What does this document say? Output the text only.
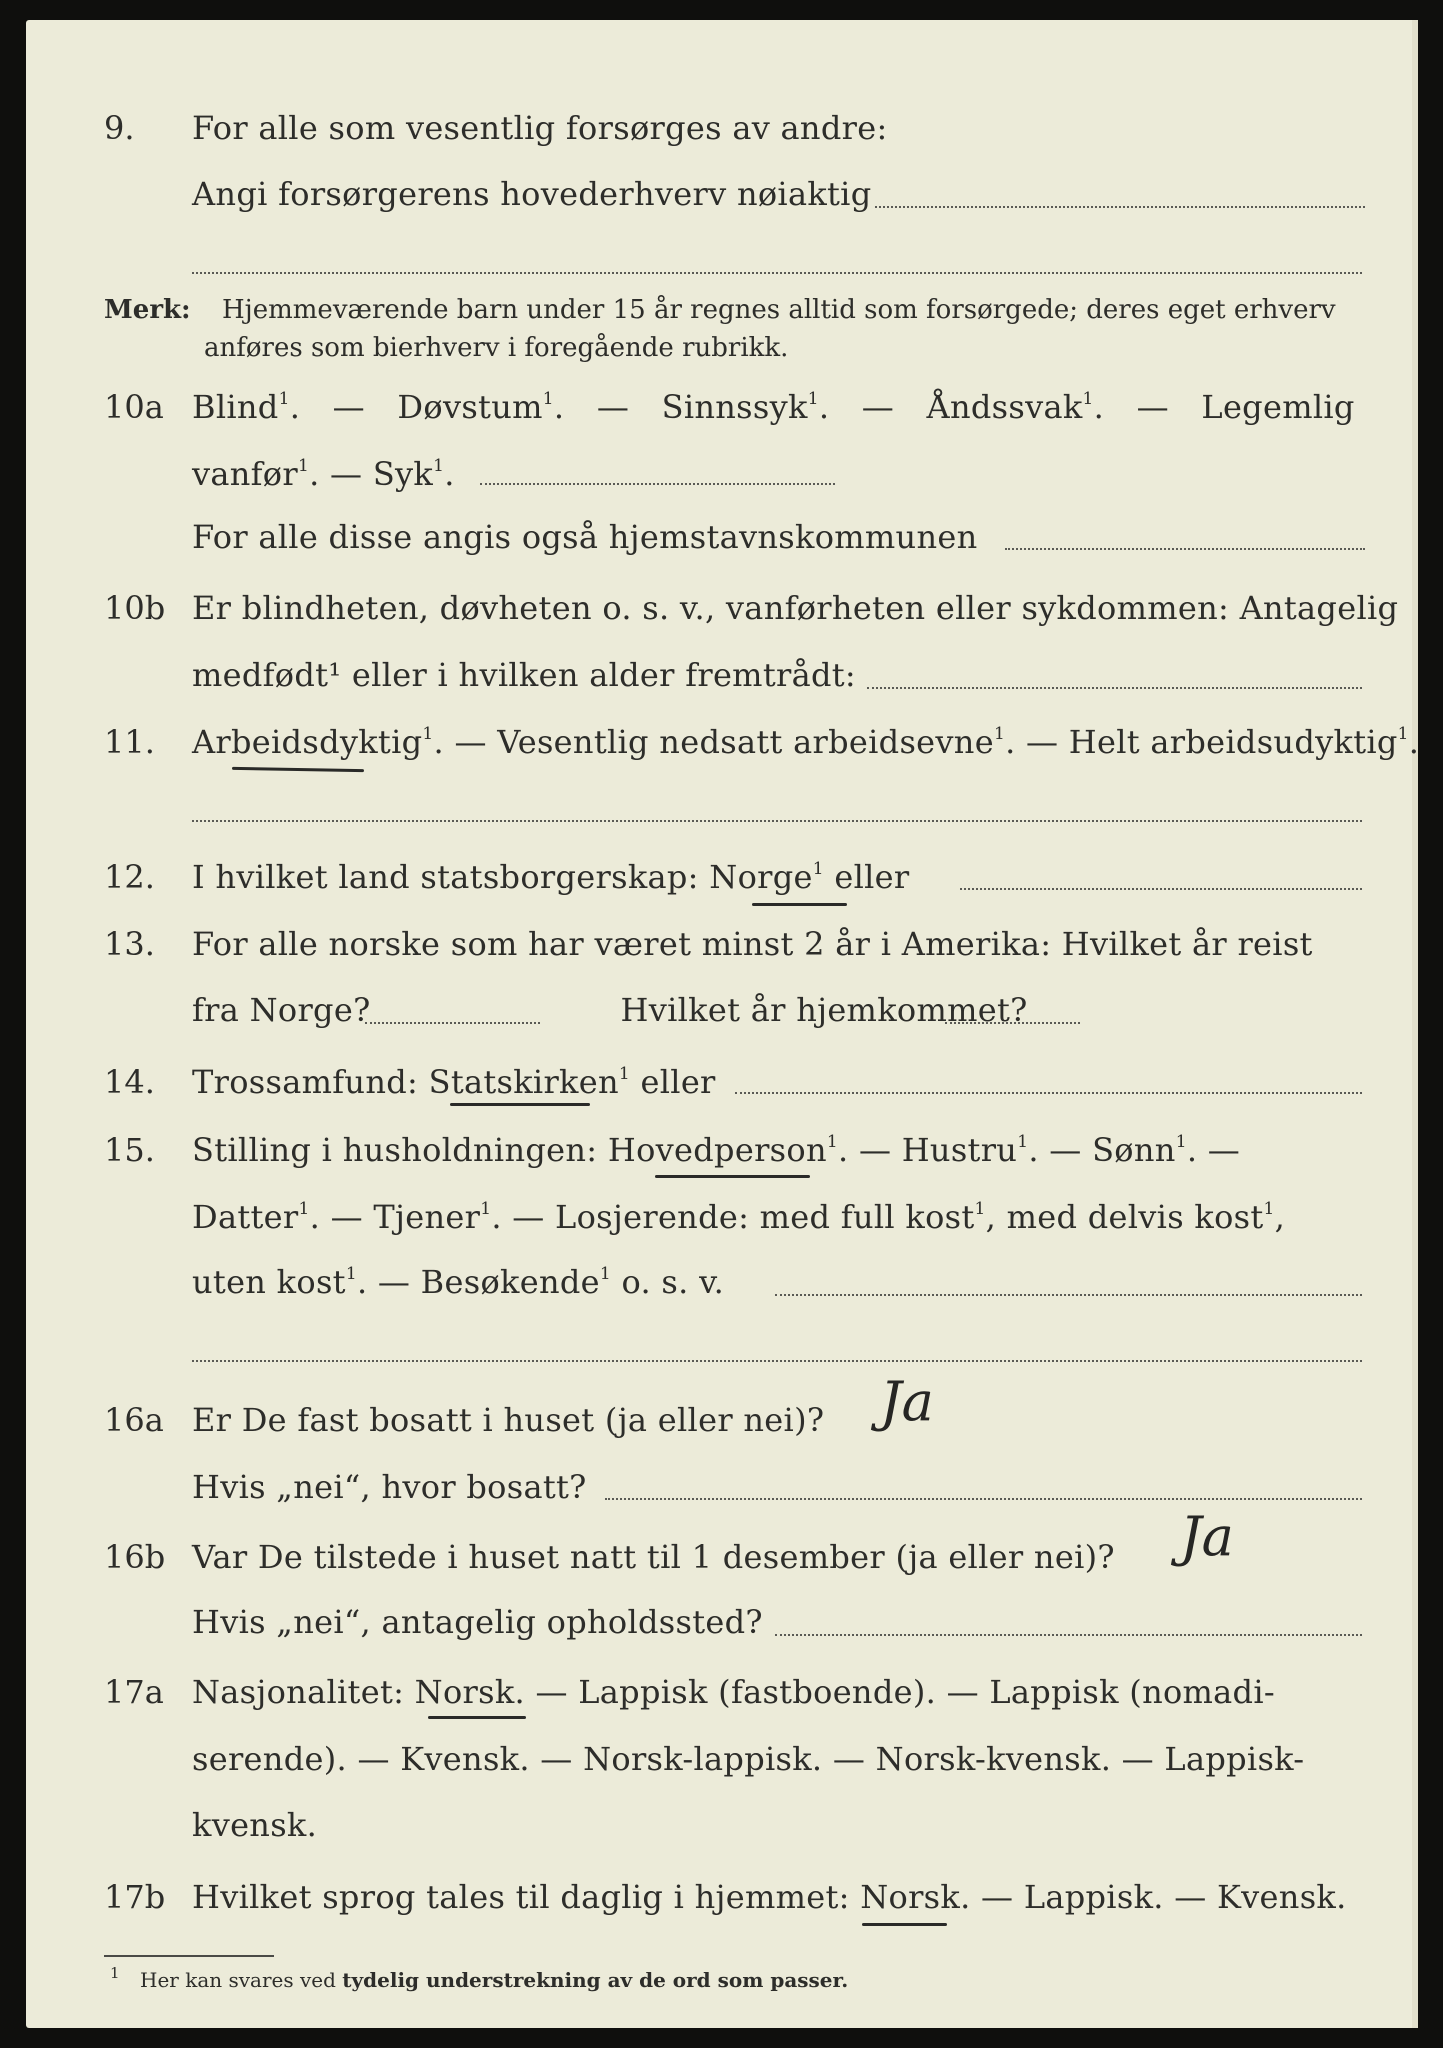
9. For alle som vesentlig forsørges av andre:
Angi forsørgerens hovederhverv nøiaktig
Merk: Hjemmeværende barn under 15 år regnes alltid som forsørgede; deres eget erhverv
anføres som bierhverv i foregående rubrikk.
10a Blind$^1$. — Døvstum$^1$. — Sinnssyk$^1$. — Åndssvak$^1$. — Legemlig
vanfør$^1$. — Syk$^1$.
For alle disse angis også hjemstavnskommunen
10b Er blindheten, døvheten o. s. v., vanførheten eller sykdommen: Antagelig
medfødt¹ eller i hvilken alder fremtrådt:
11. Arbeidsdyktig$^1$. — Vesentlig nedsatt arbeidsevne$^1$. — Helt arbeidsudyktig$^1$.
12. I hvilket land statsborgerskap: Norge$^1$ eller
13. For alle norske som har været minst 2 år i Amerika: Hvilket år reist
fra Norge?	Hvilket år hjemkommet?
14. Trossamfund: Statskirken$^1$ eller
15. Stilling i husholdningen: Hovedperson$^1$. — Hustru$^1$. — Sønn$^1$. —
Datter$^1$. — Tjener$^1$. — Losjerende: med full kost$^1$, med delvis kost$^1$,
uten kost$^1$. — Besøkende$^1$ o. s. v.
16a Er De fast bosatt i huset (ja eller nei)? Ja
Hvis „nei“, hvor bosatt?
16b Var De tilstede i huset natt til 1 desember (ja eller nei)? Ja
Hvis „nei“, antagelig opholdssted?
17a Nasjonalitet: Norsk. — Lappisk (fastboende). — Lappisk (nomadi-
serende). — Kvensk. — Norsk-lappisk. — Norsk-kvensk. — Lappisk-
kvensk.
17b Hvilket sprog tales til daglig i hjemmet: Norsk. — Lappisk. — Kvensk.
1 Her kan svares ved tydelig understrekning av de ord som passer.
